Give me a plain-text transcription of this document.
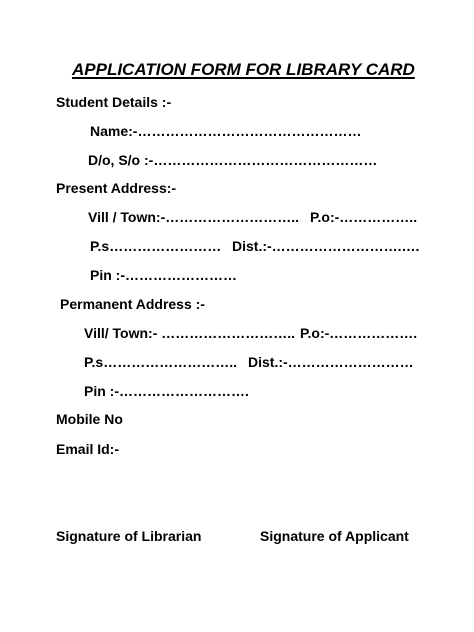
APPLICATION FORM FOR LIBRARY CARD
Student Details :-
Name:-…………………………………………
D/o, S/o :-…………………………………………
Present Address:-
Vill / Town:-……………………….. P.o:-……………..
P.s…………………… Dist.:-……………………….….
Pin :-……………………
Permanent Address :-
Vill/ Town:- ……………………….. P.o:-……………….
P.s……………………….. Dist.:-………………………
Pin :-……………………….
Mobile No
Email Id:-
Signature of Librarian	Signature of Applicant
